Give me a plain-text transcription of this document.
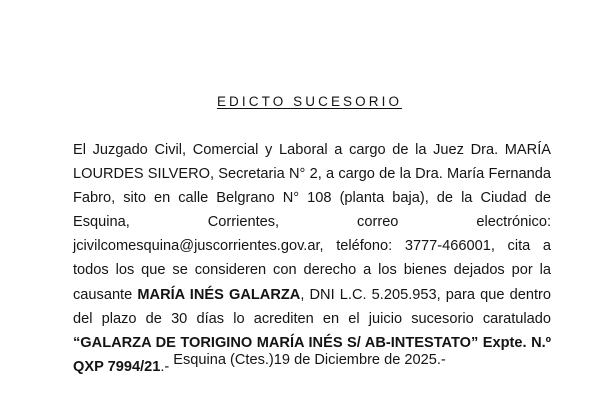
EDICTO SUCESORIO

El Juzgado Civil, Comercial y Laboral a cargo de la Juez Dra. MARÍA LOURDES SILVERO, Secretaria N° 2, a cargo de la Dra. María Fernanda Fabro, sito en calle Belgrano N° 108 (planta baja), de la Ciudad de Esquina, Corrientes, correo electrónico: jcivilcomesquina@juscorrientes.gov.ar, teléfono: 3777-466001, cita a todos los que se consideren con derecho a los bienes dejados por la causante MARÍA INÉS GALARZA, DNI L.C. 5.205.953, para que dentro del plazo de 30 días lo acrediten en el juicio sucesorio caratulado “GALARZA DE TORIGINO MARÍA INÉS S/ AB-INTESTATO” Expte. N.º QXP 7994/21.- Esquina (Ctes.)19 de Diciembre de 2025.-
